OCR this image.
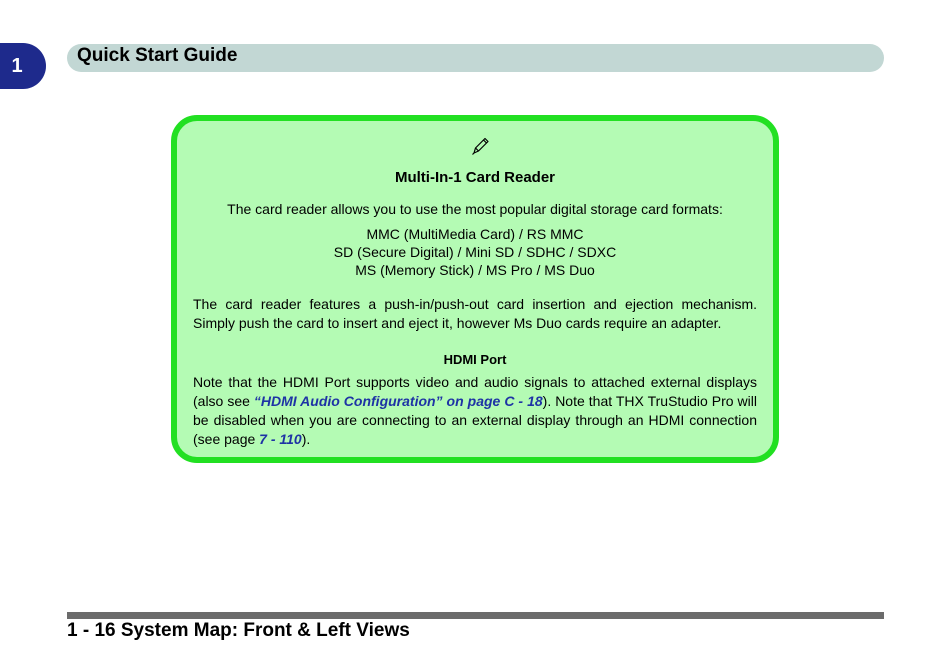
1	Quick Start Guide
Multi-In-1 Card Reader
The card reader allows you to use the most popular digital storage card formats:
MMC (MultiMedia Card) / RS MMC
SD (Secure Digital) / Mini SD / SDHC / SDXC
MS (Memory Stick) / MS Pro / MS Duo
The card reader features a push-in/push-out card insertion and ejection mechanism. Simply push the card to insert and eject it, however Ms Duo cards require an adapter.
HDMI Port
Note that the HDMI Port supports video and audio signals to attached external displays (also see “HDMI Audio Configuration” on page C - 18). Note that THX TruStudio Pro will be disabled when you are connecting to an external display through an HDMI connection (see page 7 - 110).
1 - 16 System Map: Front & Left Views
